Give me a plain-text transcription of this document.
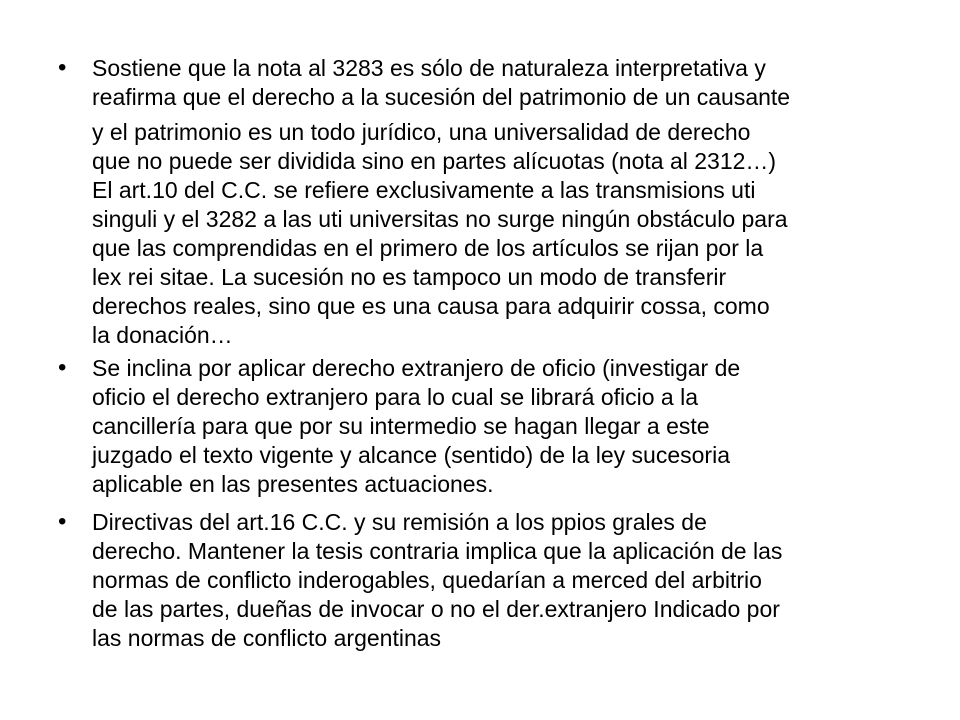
• Sostiene que la nota al 3283 es sólo de naturaleza interpretativa y
reafirma que el derecho a la sucesión del patrimonio de un causante
y el patrimonio es un todo jurídico, una universalidad de derecho
que no puede ser dividida sino en partes alícuotas (nota al 2312…)
El art.10 del C.C. se refiere exclusivamente a las transmisions uti
singuli y el 3282 a las uti universitas no surge ningún obstáculo para
que las comprendidas en el primero de los artículos se rijan por la
lex rei sitae. La sucesión no es tampoco un modo de transferir
derechos reales, sino que es una causa para adquirir cossa, como
la donación…
• Se inclina por aplicar derecho extranjero de oficio (investigar de
oficio el derecho extranjero para lo cual se librará oficio a la
cancillería para que por su intermedio se hagan llegar a este
juzgado el texto vigente y alcance (sentido) de la ley sucesoria
aplicable en las presentes actuaciones.
• Directivas del art.16 C.C. y su remisión a los ppios grales de
derecho. Mantener la tesis contraria implica que la aplicación de las
normas de conflicto inderogables, quedarían a merced del arbitrio
de las partes, dueñas de invocar o no el der.extranjero Indicado por
las normas de conflicto argentinas
